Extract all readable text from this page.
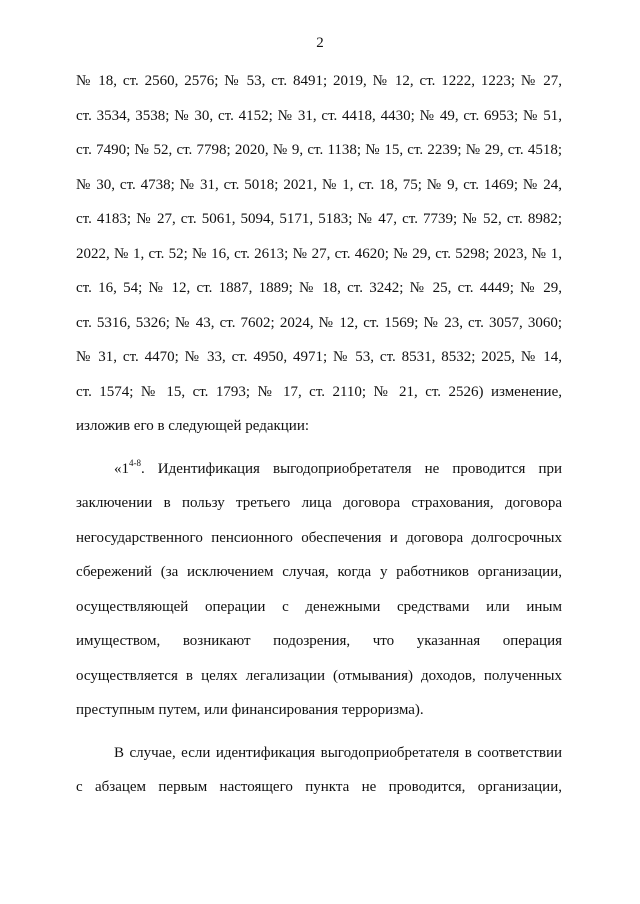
2
№ 18, ст. 2560, 2576; № 53, ст. 8491; 2019, № 12, ст. 1222, 1223; № 27,
ст. 3534, 3538; № 30, ст. 4152; № 31, ст. 4418, 4430; № 49, ст. 6953; № 51,
ст. 7490; № 52, ст. 7798; 2020, № 9, ст. 1138; № 15, ст. 2239; № 29, ст. 4518;
№ 30, ст. 4738; № 31, ст. 5018; 2021, № 1, ст. 18, 75; № 9, ст. 1469; № 24,
ст. 4183; № 27, ст. 5061, 5094, 5171, 5183; № 47, ст. 7739; № 52, ст. 8982;
2022, № 1, ст. 52; № 16, ст. 2613; № 27, ст. 4620; № 29, ст. 5298; 2023, № 1,
ст. 16, 54; № 12, ст. 1887, 1889; № 18, ст. 3242; № 25, ст. 4449; № 29,
ст. 5316, 5326; № 43, ст. 7602; 2024, № 12, ст. 1569; № 23, ст. 3057, 3060;
№ 31, ст. 4470; № 33, ст. 4950, 4971; № 53, ст. 8531, 8532; 2025, № 14,
ст. 1574; № 15, ст. 1793; № 17, ст. 2110; № 21, ст. 2526) изменение,
изложив его в следующей редакции:
«1$^{4-8}$. Идентификация выгодоприобретателя не проводится при
заключении в пользу третьего лица договора страхования, договора
негосударственного пенсионного обеспечения и договора долгосрочных
сбережений (за исключением случая, когда у работников организации,
осуществляющей операции с денежными средствами или иным
имуществом, возникают подозрения, что указанная операция
осуществляется в целях легализации (отмывания) доходов, полученных
преступным путем, или финансирования терроризма).
В случае, если идентификация выгодоприобретателя в соответствии
с абзацем первым настоящего пункта не проводится, организации,
